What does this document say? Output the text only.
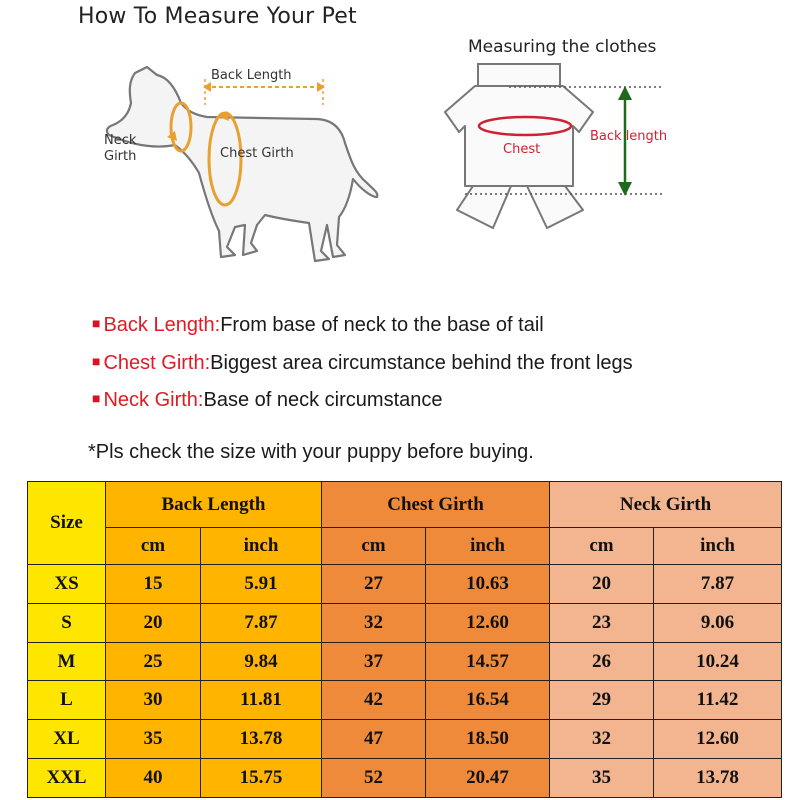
How To Measure Your Pet
Back Length
Neck
Girth	Chest Girth
Measuring the clothes
Chest
Back length
■ Back Length:From base of neck to the base of tail
■ Chest Girth:Biggest area circumstance behind the front legs
■ Neck Girth:Base of neck circumstance
*Pls check the size with your puppy before buying.
Size	Back Length		Chest Girth		Neck Girth	
	cm	inch	cm	inch	cm	inch
XS	15	5.91	27	10.63	20	7.87
S	20	7.87	32	12.60	23	9.06
M	25	9.84	37	14.57	26	10.24
L	30	11.81	42	16.54	29	11.42
XL	35	13.78	47	18.50	32	12.60
XXL	40	15.75	52	20.47	35	13.78
